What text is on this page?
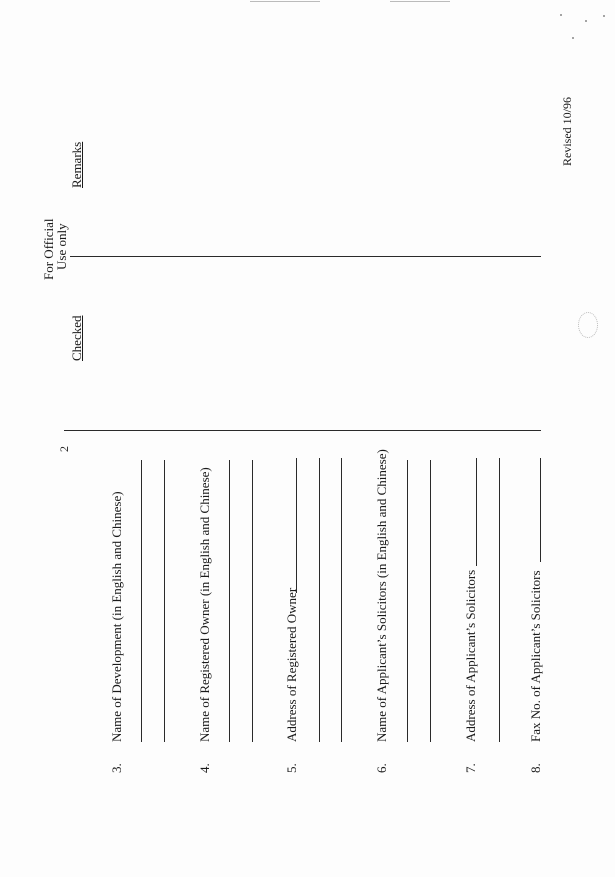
2
For Official
Use only
Checked
Remarks	Revised 10/96
3.
Name of Development (in English and Chinese)
4.
Name of Registered Owner (in English and Chinese)
5.
Address of Registered Owner
6.
Name of Applicant’s Solicitors (in English and Chinese)
7.
Address of Applicant’s Solicitors
8.
Fax No. of Applicant’s Solicitors
